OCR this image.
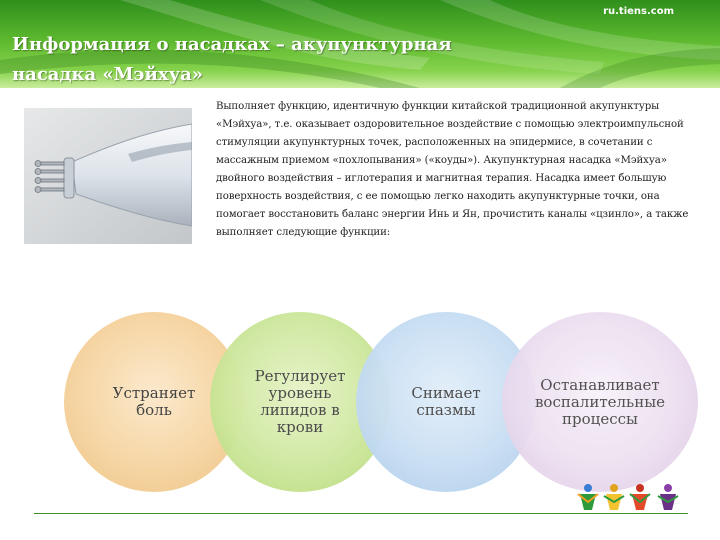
ru.tiens.com
Информация о насадках – акупунктурная насадка «Мэйхуа»

Выполняет функцию, идентичную функции китайской традиционной акупунктуры «Мэйхуа», т.е. оказывает оздоровительное воздействие с помощью электроимпульсной стимуляции акупунктурных точек, расположенных на эпидермисе, в сочетании с массажным приемом «похлопывания» («коуды»). Акупунктурная насадка «Мэйхуа» двойного воздействия – иглотерапия и магнитная терапия. Насадка имеет большую поверхность воздействия, с ее помощью легко находить акупунктурные точки, она помогает восстановить баланс энергии Инь и Ян, прочистить каналы «цзинло», а также выполняет следующие функции:

Устраняет
боль
Регулирует
уровень
липидов в
крови
Снимает
спазмы
Останавливает
воспалительные
процессы
